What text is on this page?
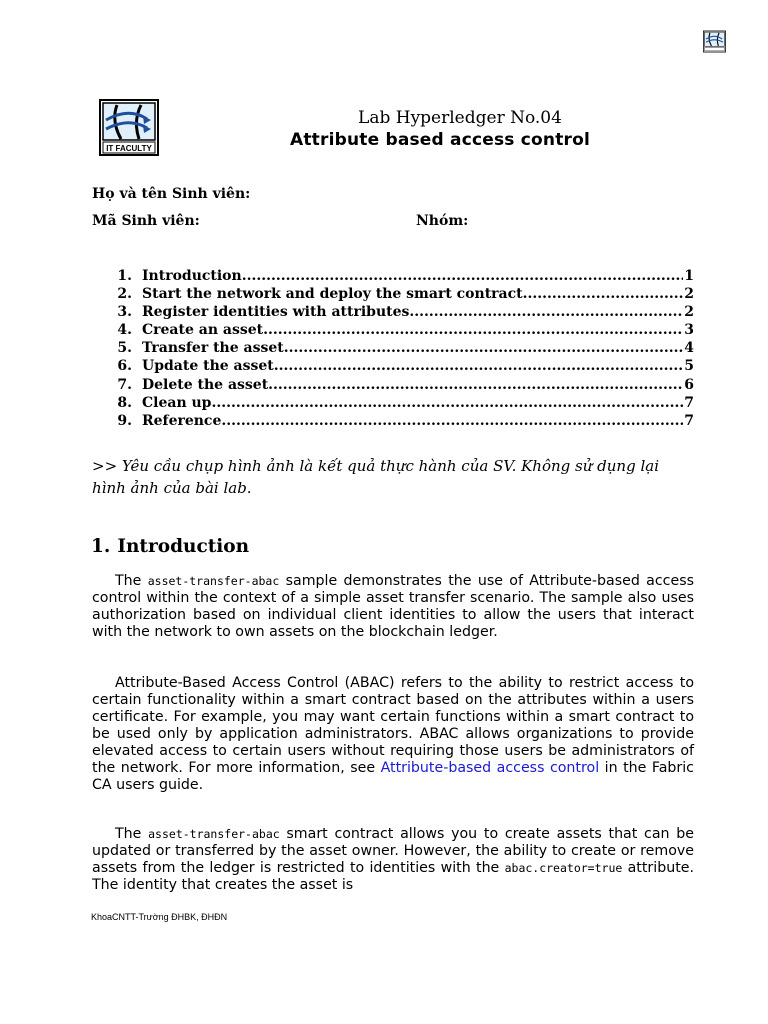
IT FACULTY
Lab Hyperledger No.04
Attribute based access control
Họ và tên Sinh viên:
Mã Sinh viên:	Nhóm:
1. Introduction .....	1
2. Start the network and deploy the smart contract .....	2
3. Register identities with attributes .....	2
4. Create an asset .....	3
5. Transfer the asset .....	4
6. Update the asset .....	5
7. Delete the asset .....	6
8. Clean up .....	7
9. Reference .....	7
>> Yêu cầu chụp hình ảnh là kết quả thực hành của SV. Không sử dụng lại hình ảnh của bài lab.
1. Introduction

The asset-transfer-abac sample demonstrates the use of Attribute-based access control within the context of a simple asset transfer scenario. The sample also uses authorization based on individual client identities to allow the users that interact with the network to own assets on the blockchain ledger.

Attribute-Based Access Control (ABAC) refers to the ability to restrict access to certain functionality within a smart contract based on the attributes within a users certificate. For example, you may want certain functions within a smart contract to be used only by application administrators. ABAC allows organizations to provide elevated access to certain users without requiring those users be administrators of the network. For more information, see Attribute-based access control in the Fabric CA users guide.

The asset-transfer-abac smart contract allows you to create assets that can be updated or transferred by the asset owner. However, the ability to create or remove assets from the ledger is restricted to identities with the abac.creator=true attribute. The identity that creates the asset is

KhoaCNTT-Trường ĐHBK, ĐHĐN
